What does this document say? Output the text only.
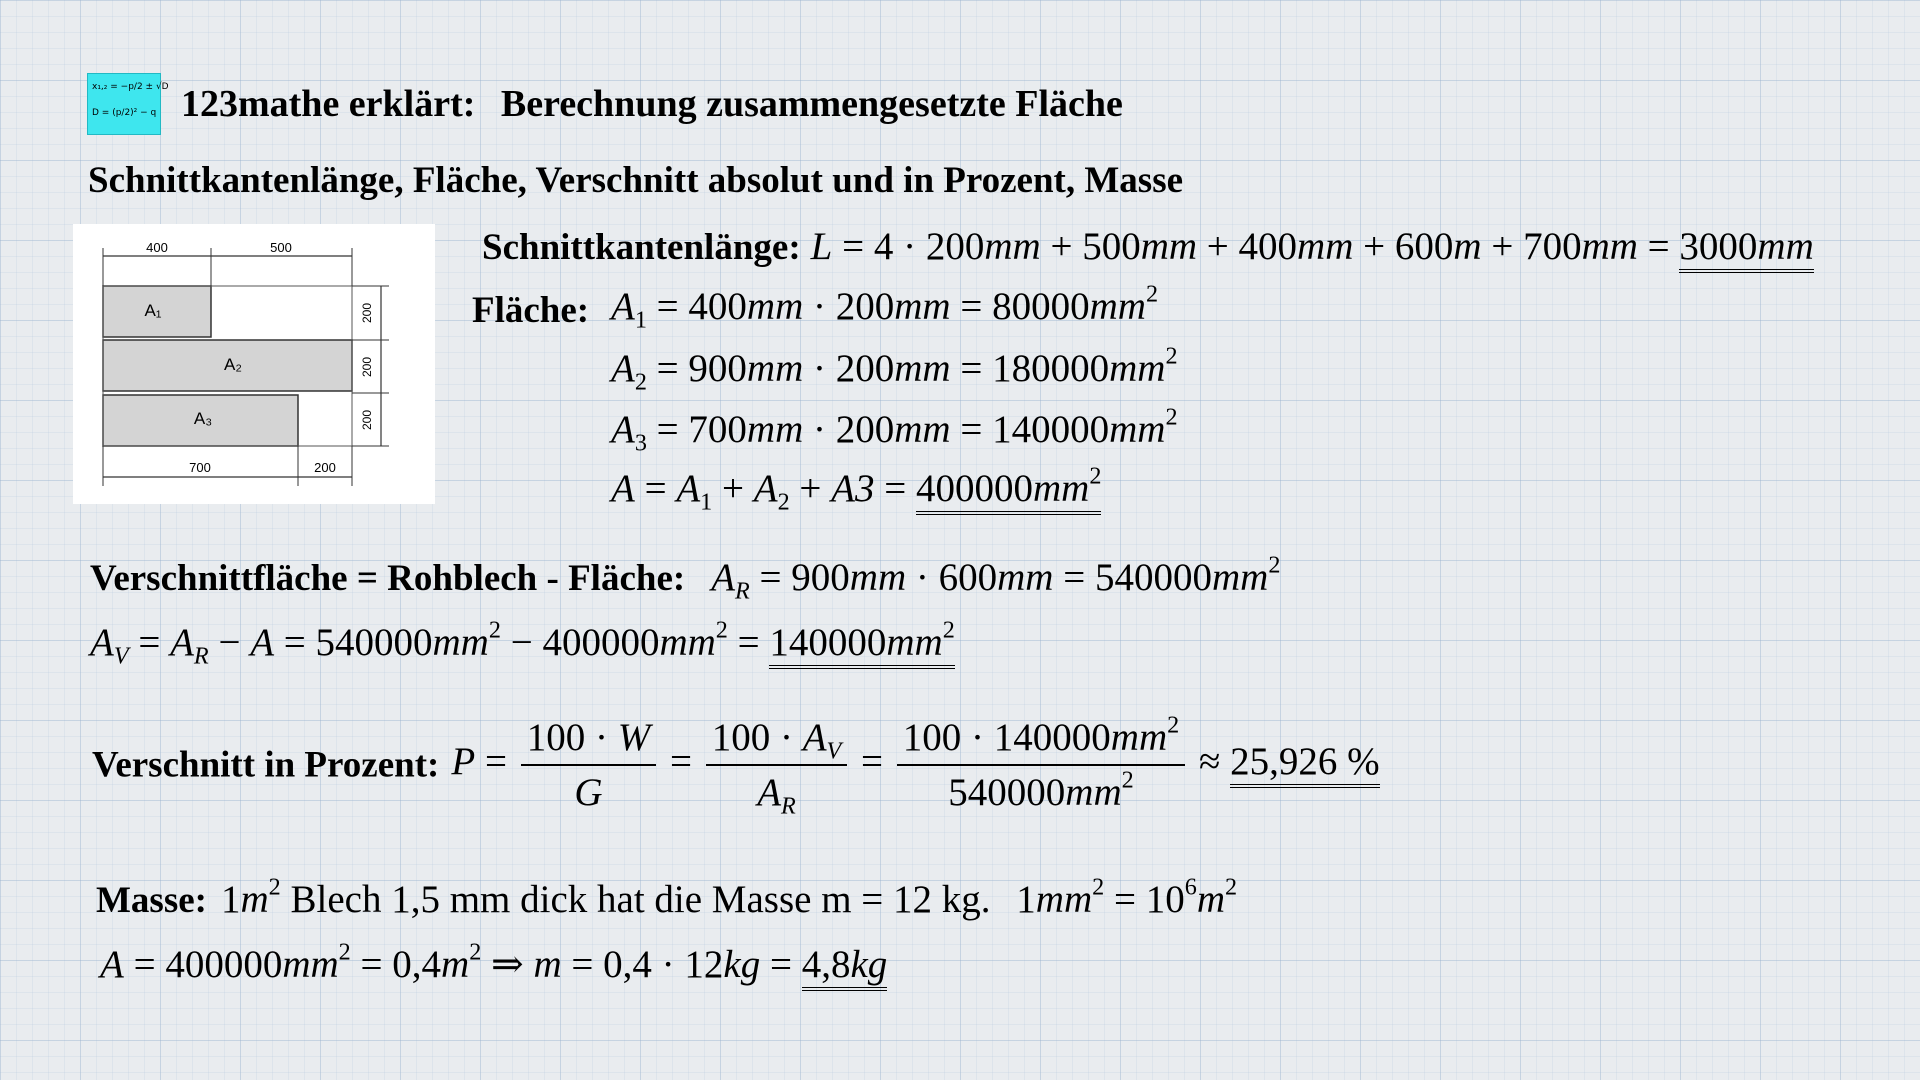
x₁,₂ = −p/2 ± √D
D = (p/2)² − q 123mathe erklärt: Berechnung zusammengesetzte Fläche
Schnittkantenlänge, Fläche, Verschnitt absolut und in Prozent, Masse
400	500
700	200
200
200
200
A₁
A₂
A₃
Schnittkantenlänge: L = 4 · 200mm + 500mm + 400mm + 600m + 700mm = 3000mm
Fläche: $A_1 = 400mm \cdot 200mm = 80000mm^2$
$A_2 = 900mm \cdot 200mm = 180000mm^2$
$A_3 = 700mm \cdot 200mm = 140000mm^2$
$A = A_1 + A_2 + A3 = 400000mm^2$
Verschnittfläche = Rohblech - Fläche: $A_R = 900mm \cdot 600mm = 540000mm^2$
$A_V = A_R - A = 540000mm^2 - 400000mm^2 = 140000mm^2$
Verschnitt in Prozent: $P = \frac{100 \cdot W}{G} = \frac{100 \cdot A_V}{A_R} = \frac{100 \cdot 140000mm^2}{540000mm^2} \approx 25,926$ %
Masse: $1m^2$ Blech 1,5 mm dick hat die Masse m = 12 kg. $1mm^2 = 10^6m^2$
$A = 400000mm^2 = 0,4m^2$ ⇒ m = 0,4 · 12kg = 4,8kg
